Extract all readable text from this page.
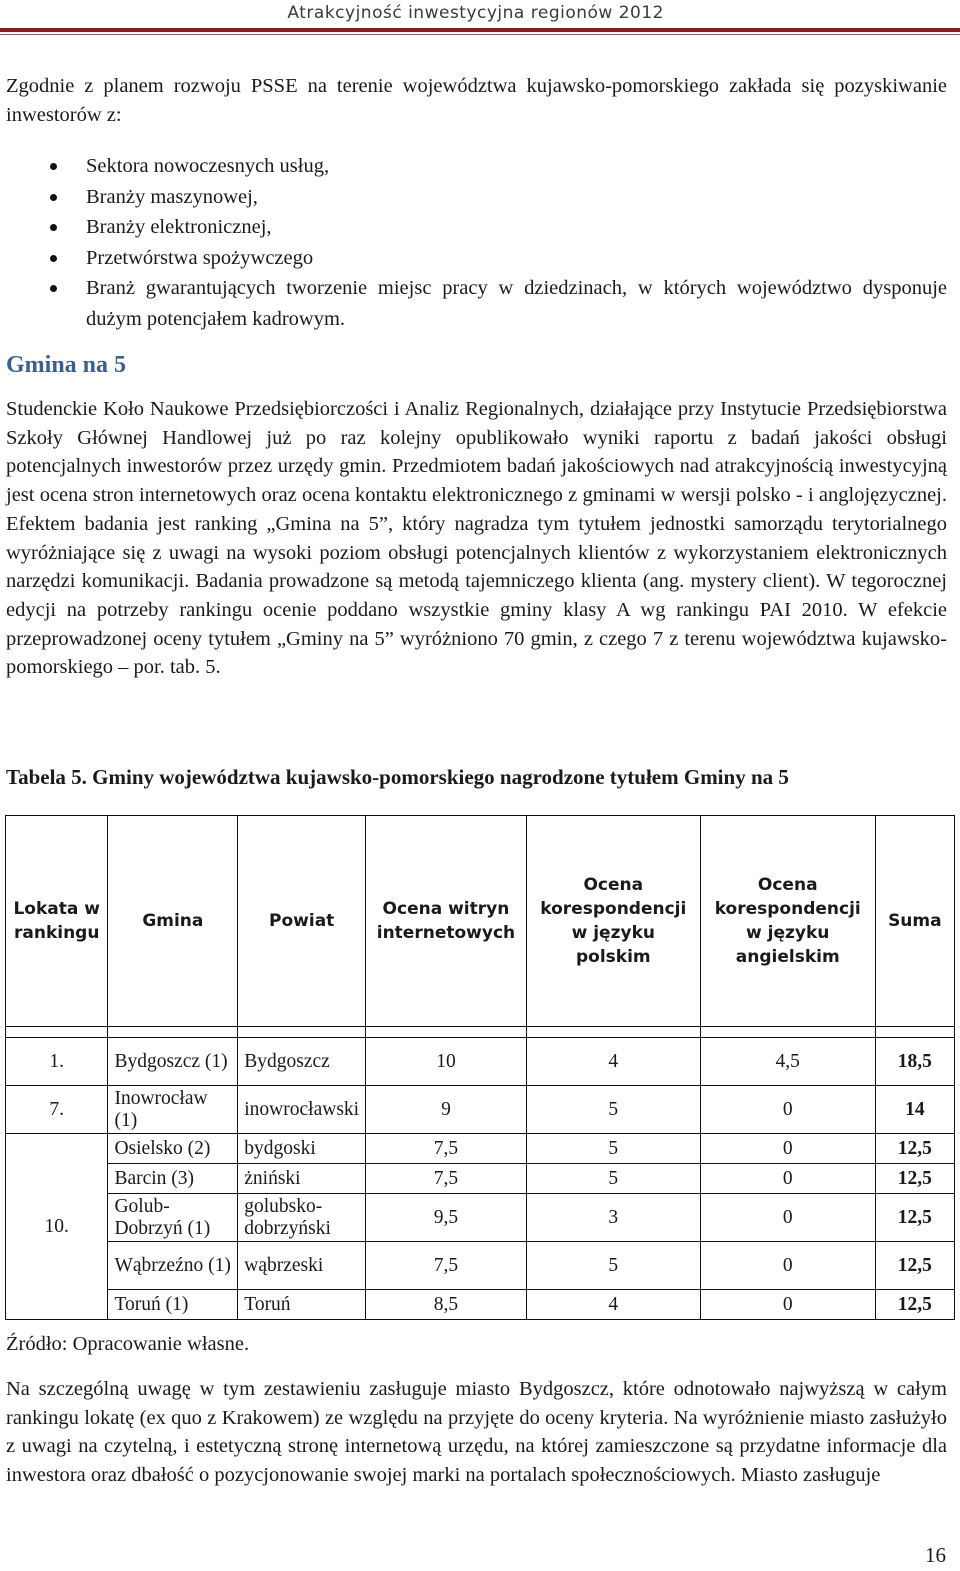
Atrakcyjność inwestycyjna regionów 2012

Zgodnie z planem rozwoju PSSE na terenie województwa kujawsko-pomorskiego zakłada się pozyskiwanie inwestorów z:

Sektora nowoczesnych usług,
Branży maszynowej,
Branży elektronicznej,
Przetwórstwa spożywczego
Branż gwarantujących tworzenie miejsc pracy w dziedzinach, w których województwo dysponuje dużym potencjałem kadrowym.
Gmina na 5

Studenckie Koło Naukowe Przedsiębiorczości i Analiz Regionalnych, działające przy Instytucie Przedsiębiorstwa Szkoły Głównej Handlowej już po raz kolejny opublikowało wyniki raportu z badań jakości obsługi potencjalnych inwestorów przez urzędy gmin. Przedmiotem badań jakościowych nad atrakcyjnością inwestycyjną jest ocena stron internetowych oraz ocena kontaktu elektronicznego z gminami w wersji polsko - i anglojęzycznej. Efektem badania jest ranking „Gmina na 5”, który nagradza tym tytułem jednostki samorządu terytorialnego wyróżniające się z uwagi na wysoki poziom obsługi potencjalnych klientów z wykorzystaniem elektronicznych narzędzi komunikacji. Badania prowadzone są metodą tajemniczego klienta (ang. mystery client). W tegorocznej edycji na potrzeby rankingu ocenie poddano wszystkie gminy klasy A wg rankingu PAI 2010. W efekcie przeprowadzonej oceny tytułem „Gminy na 5” wyróżniono 70 gmin, z czego 7 z terenu województwa kujawsko-pomorskiego – por. tab. 5.

Tabela 5. Gminy województwa kujawsko-pomorskiego nagrodzone tytułem Gminy na 5

Lokata w rankingu	Gmina	Powiat	Ocena witryn internetowych	Ocena korespondencji w języku polskim	Ocena korespondencji w języku angielskim	Suma

1.	Bydgoszcz (1)	Bydgoszcz	10	4	4,5	18,5
7.	Inowrocław (1)	inowrocławski	9	5	0	14
10.	Osielsko (2)	bydgoski	7,5	5	0	12,5
	Barcin (3)	żniński	7,5	5	0	12,5
	Golub-Dobrzyń (1)	golubsko-dobrzyński	9,5	3	0	12,5
	Wąbrzeźno (1)	wąbrzeski	7,5	5	0	12,5
	Toruń (1)	Toruń	8,5	4	0	12,5

Źródło: Opracowanie własne.

Na szczególną uwagę w tym zestawieniu zasługuje miasto Bydgoszcz, które odnotowało najwyższą w całym rankingu lokatę (ex quo z Krakowem) ze względu na przyjęte do oceny kryteria. Na wyróżnienie miasto zasłużyło z uwagi na czytelną, i estetyczną stronę internetową urzędu, na której zamieszczone są przydatne informacje dla inwestora oraz dbałość o pozycjonowanie swojej marki na portalach społecznościowych. Miasto zasługuje

16
